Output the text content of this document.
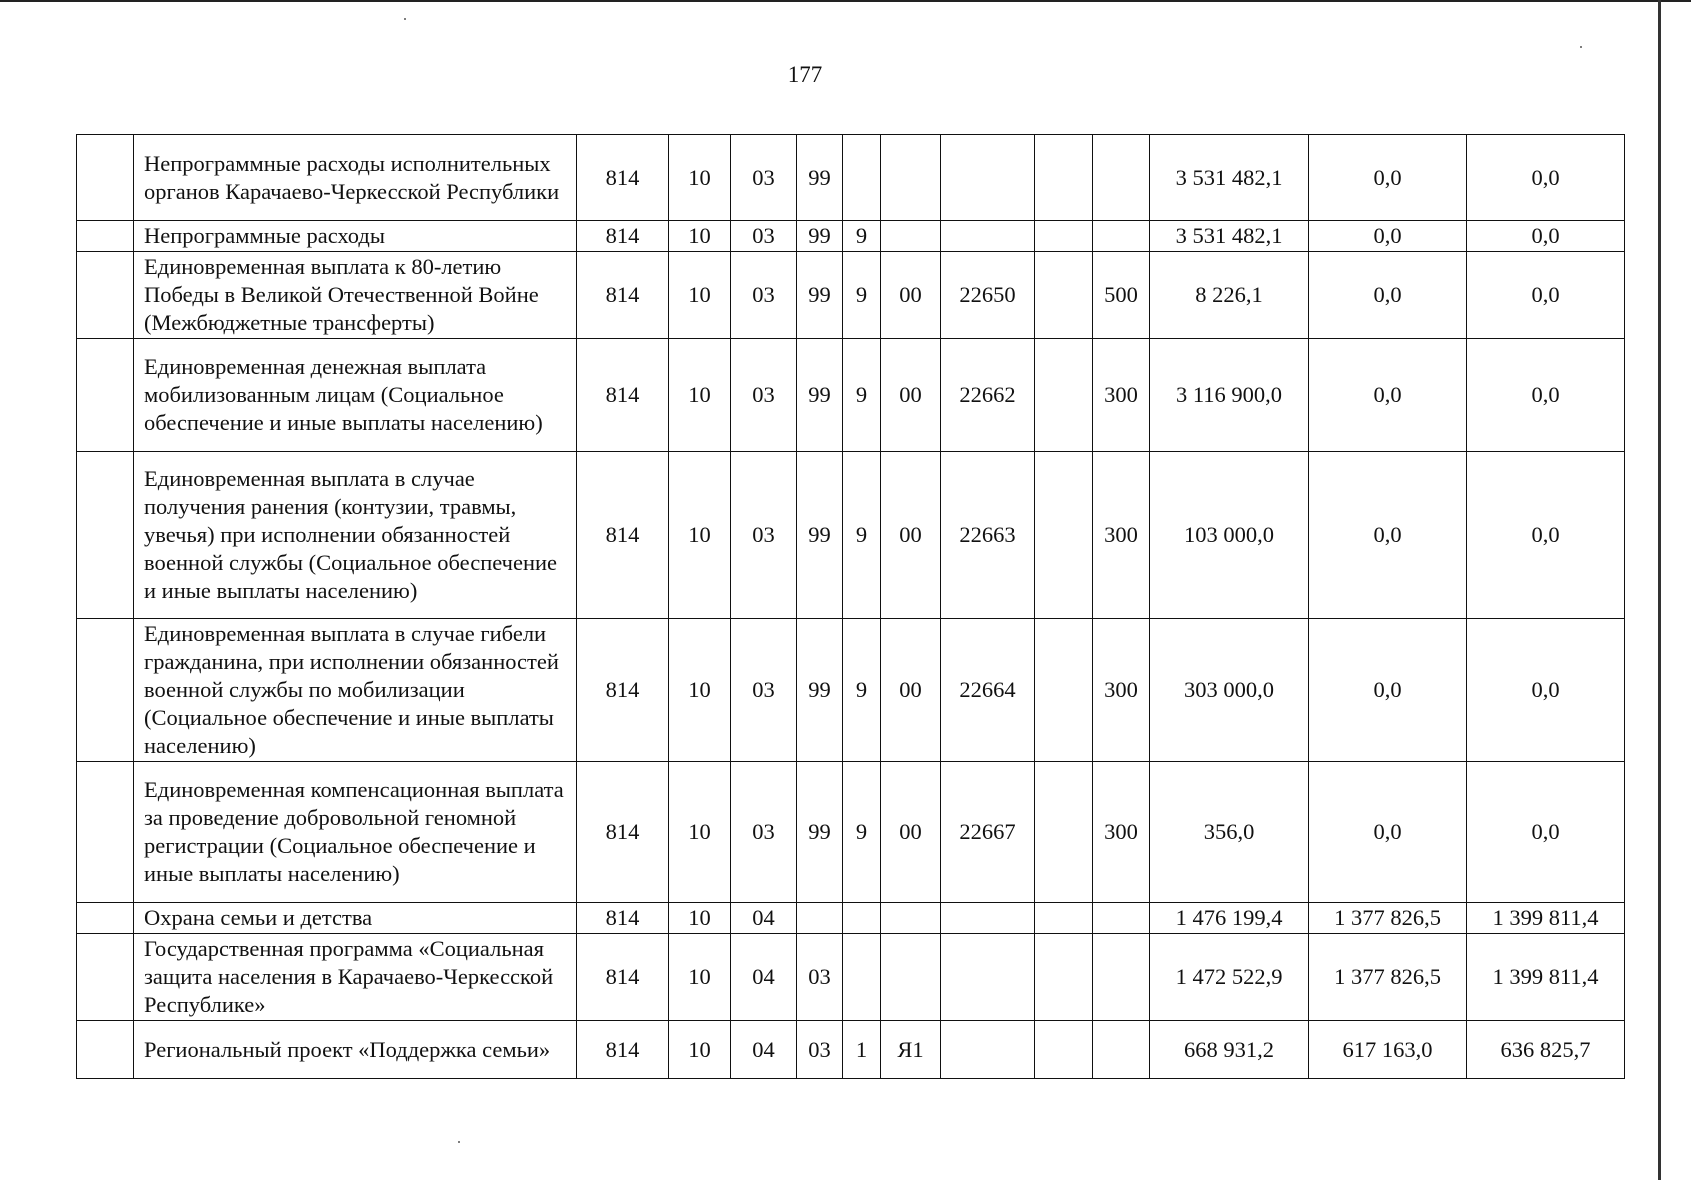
177
	Непрограммные расходы исполнительных органов Карачаево-Черкесской Республики	814	10	03	99						3 531 482,1	0,0	0,0
	Непрограммные расходы	814	10	03	99	9					3 531 482,1	0,0	0,0
	Единовременная выплата к 80-летию Победы в Великой Отечественной Войне (Межбюджетные трансферты)	814	10	03	99	9	00	22650		500	8 226,1	0,0	0,0
	Единовременная денежная выплата мобилизованным лицам (Социальное обеспечение и иные выплаты населению)	814	10	03	99	9	00	22662		300	3 116 900,0	0,0	0,0
	Единовременная выплата в случае получения ранения (контузии, травмы, увечья) при исполнении обязанностей военной службы (Социальное обеспечение и иные выплаты населению)	814	10	03	99	9	00	22663		300	103 000,0	0,0	0,0
	Единовременная выплата в случае гибели гражданина, при исполнении обязанностей военной службы по мобилизации (Социальное обеспечение и иные выплаты населению)	814	10	03	99	9	00	22664		300	303 000,0	0,0	0,0
	Единовременная компенсационная выплата за проведение добровольной геномной регистрации (Социальное обеспечение и иные выплаты населению)	814	10	03	99	9	00	22667		300	356,0	0,0	0,0
	Охрана семьи и детства	814	10	04							1 476 199,4	1 377 826,5	1 399 811,4
	Государственная программа «Социальная защита населения в Карачаево-Черкесской Республике»	814	10	04	03						1 472 522,9	1 377 826,5	1 399 811,4
	Региональный проект «Поддержка семьи»	814	10	04	03	1	Я1				668 931,2	617 163,0	636 825,7
